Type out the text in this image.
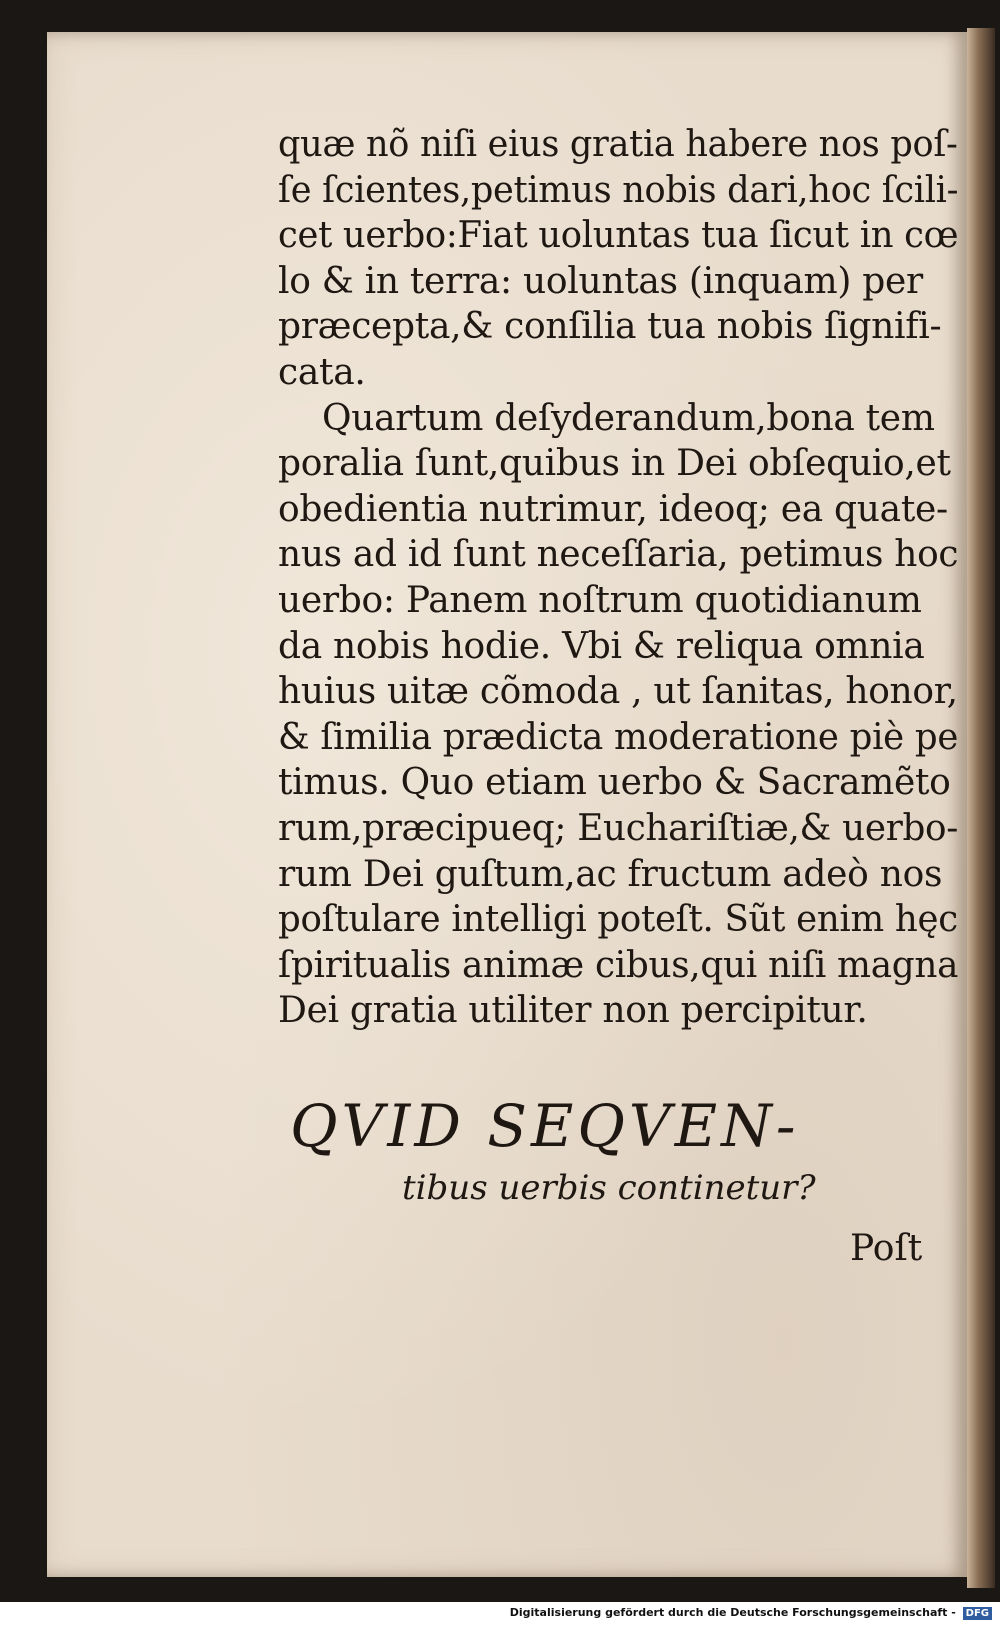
quæ nõ niſi eius gratia habere nos poſ-
ſe ſcientes,petimus nobis dari,hoc ſcili-
cet uerbo:Fiat uoluntas tua ſicut in cœ
lo & in terra: uoluntas (inquam) per
præcepta,& conſilia tua nobis ſignifi-
cata.
Quartum deſyderandum,bona tem
poralia ſunt,quibus in Dei obſequio,et
obedientia nutrimur, ideoq; ea quate-
nus ad id ſunt neceſſaria, petimus hoc
uerbo: Panem noſtrum quotidianum
da nobis hodie. Vbi & reliqua omnia
huius uitæ cõmoda , ut ſanitas, honor,
& ſimilia prædicta moderatione piè pe
timus. Quo etiam uerbo & Sacramẽto
rum,præcipueq; Euchariſtiæ,& uerbo-
rum Dei guſtum,ac fructum adeò nos
poſtulare intelligi poteſt. Sũt enim hęc
ſpiritualis animæ cibus,qui niſi magna
Dei gratia utiliter non percipitur.
QVID SEQVEN-
tibus uerbis continetur?
Poſt
Digitalisierung gefördert durch die Deutsche Forschungsgemeinschaft - DFG
